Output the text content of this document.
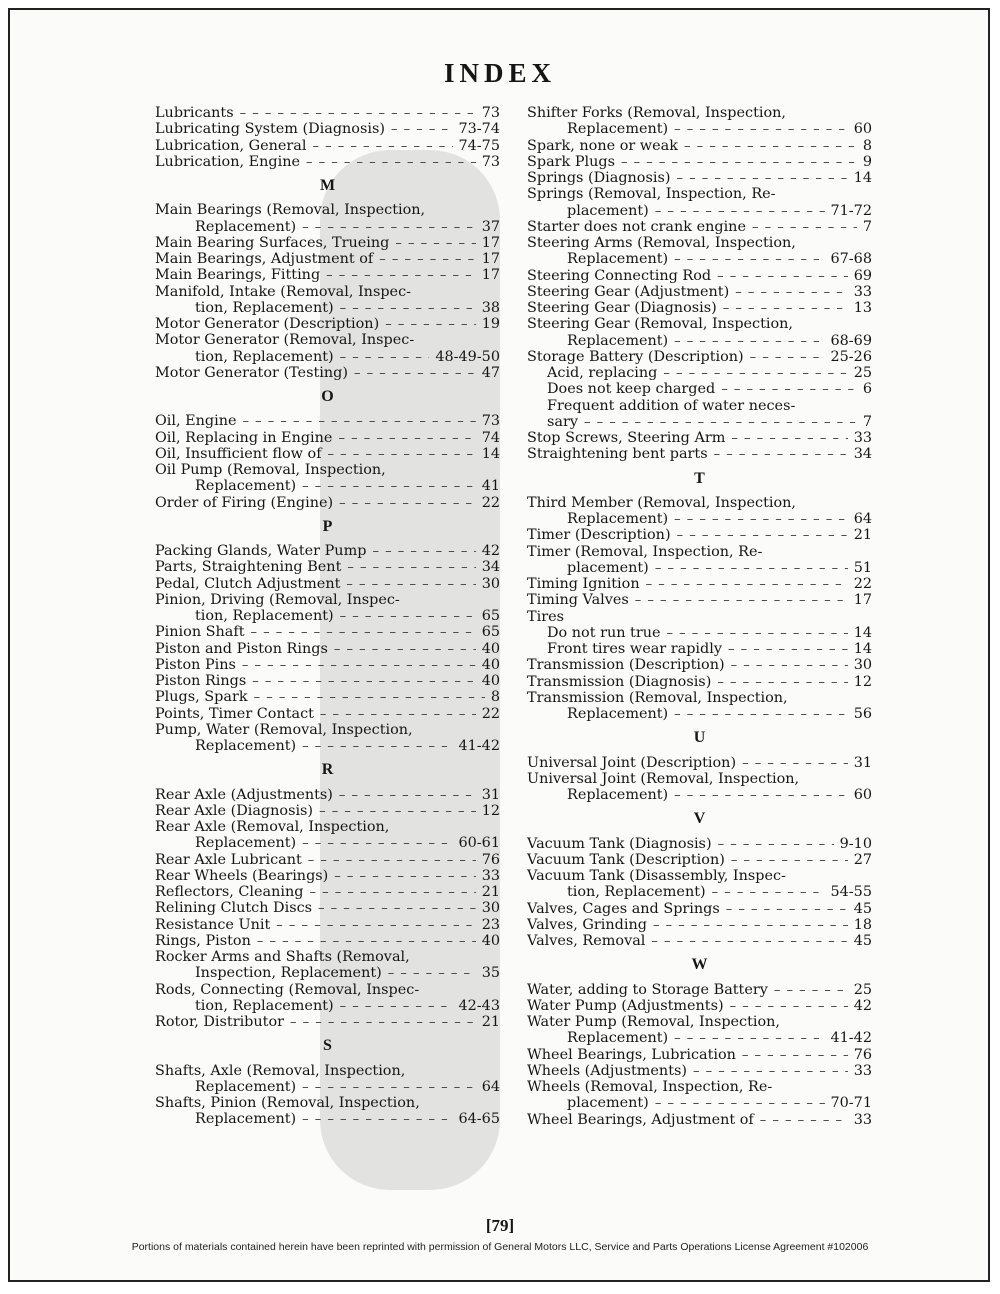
INDEX
Lubricants – – –	73
Lubricating System (Diagnosis) – – –	73-74
Lubrication, General – – –	74-75
Lubrication, Engine – – –	73
M
Main Bearings (Removal, Inspection,
Replacement) – – –	37
Main Bearing Surfaces, Trueing – – –	17
Main Bearings, Adjustment of – – –	17
Main Bearings, Fitting – – –	17
Manifold, Intake (Removal, Inspec-
tion, Replacement) – – –	38
Motor Generator (Description) – – –	19
Motor Generator (Removal, Inspec-
tion, Replacement) – – –	48-49-50
Motor Generator (Testing) – – –	47
O
Oil, Engine – – –	73
Oil, Replacing in Engine – – –	74
Oil, Insufficient flow of – – –	14
Oil Pump (Removal, Inspection,
Replacement) – – –	41
Order of Firing (Engine) – – –	22
P
Packing Glands, Water Pump – – –	42
Parts, Straightening Bent – – –	34
Pedal, Clutch Adjustment – – –	30
Pinion, Driving (Removal, Inspec-
tion, Replacement) – – –	65
Pinion Shaft – – –	65
Piston and Piston Rings – – –	40
Piston Pins – – –	40
Piston Rings – – –	40
Plugs, Spark – – –	8
Points, Timer Contact – – –	22
Pump, Water (Removal, Inspection,
Replacement) – – –	41-42
R
Rear Axle (Adjustments) – – –	31
Rear Axle (Diagnosis) – – –	12
Rear Axle (Removal, Inspection,
Replacement) – – –	60-61
Rear Axle Lubricant – – –	76
Rear Wheels (Bearings) – – –	33
Reflectors, Cleaning – – –	21
Relining Clutch Discs – – –	30
Resistance Unit – – –	23
Rings, Piston – – –	40
Rocker Arms and Shafts (Removal,
Inspection, Replacement) – – –	35
Rods, Connecting (Removal, Inspec-
tion, Replacement) – – –	42-43
Rotor, Distributor – – –	21
S
Shafts, Axle (Removal, Inspection,
Replacement) – – –	64
Shafts, Pinion (Removal, Inspection,
Replacement) – – –	64-65
Shifter Forks (Removal, Inspection,
Replacement) – – –	60
Spark, none or weak – – –	8
Spark Plugs – – –	9
Springs (Diagnosis) – – –	14
Springs (Removal, Inspection, Re-
placement) – – –	71-72
Starter does not crank engine – – –	7
Steering Arms (Removal, Inspection,
Replacement) – – –	67-68
Steering Connecting Rod – – –	69
Steering Gear (Adjustment) – – –	33
Steering Gear (Diagnosis) – – –	13
Steering Gear (Removal, Inspection,
Replacement) – – –	68-69
Storage Battery (Description) – – –	25-26
Acid, replacing – – –	25
Does not keep charged – – –	6
Frequent addition of water neces-
sary – – –	7
Stop Screws, Steering Arm – – –	33
Straightening bent parts – – –	34
T
Third Member (Removal, Inspection,
Replacement) – – –	64
Timer (Description) – – –	21
Timer (Removal, Inspection, Re-
placement) – – –	51
Timing Ignition – – –	22
Timing Valves – – –	17
Tires
Do not run true – – –	14
Front tires wear rapidly – – –	14
Transmission (Description) – – –	30
Transmission (Diagnosis) – – –	12
Transmission (Removal, Inspection,
Replacement) – – –	56
U
Universal Joint (Description) – – –	31
Universal Joint (Removal, Inspection,
Replacement) – – –	60
V
Vacuum Tank (Diagnosis) – – –	9-10
Vacuum Tank (Description) – – –	27
Vacuum Tank (Disassembly, Inspec-
tion, Replacement) – – –	54-55
Valves, Cages and Springs – – –	45
Valves, Grinding – – –	18
Valves, Removal – – –	45
W
Water, adding to Storage Battery – – –	25
Water Pump (Adjustments) – – –	42
Water Pump (Removal, Inspection,
Replacement) – – –	41-42
Wheel Bearings, Lubrication – – –	76
Wheels (Adjustments) – – –	33
Wheels (Removal, Inspection, Re-
placement) – – –	70-71
Wheel Bearings, Adjustment of – – –	33
[79]
Portions of materials contained herein have been reprinted with permission of General Motors LLC, Service and Parts Operations License Agreement #102006
